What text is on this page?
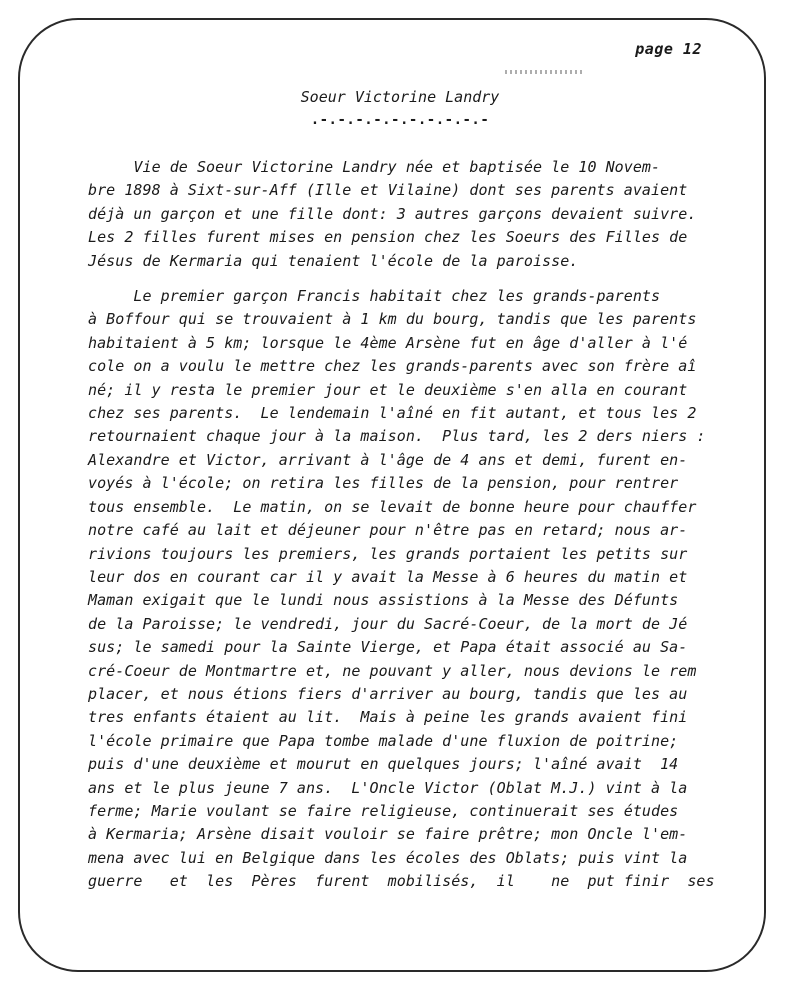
page 12
Soeur Victorine Landry
.-.-.-.-.-.-.-.-.-.-
Vie de Soeur Victorine Landry née et baptisée le 10 Novem-
bre 1898 à Sixt-sur-Aff (Ille et Vilaine) dont ses parents avaient
déjà un garçon et une fille dont: 3 autres garçons devaient suivre.
Les 2 filles furent mises en pension chez les Soeurs des Filles de
Jésus de Kermaria qui tenaient l'école de la paroisse.
Le premier garçon Francis habitait chez les grands-parents
à Boffour qui se trouvaient à 1 km du bourg, tandis que les parents
habitaient à 5 km; lorsque le 4ème Arsène fut en âge d'aller à l'é
cole on a voulu le mettre chez les grands-parents avec son frère aî
né; il y resta le premier jour et le deuxième s'en alla en courant
chez ses parents.  Le lendemain l'aîné en fit autant, et tous les 2
retournaient chaque jour à la maison.  Plus tard, les 2 ders niers :
Alexandre et Victor, arrivant à l'âge de 4 ans et demi, furent en-
voyés à l'école; on retira les filles de la pension, pour rentrer
tous ensemble.  Le matin, on se levait de bonne heure pour chauffer
notre café au lait et déjeuner pour n'être pas en retard; nous ar-
rivions toujours les premiers, les grands portaient les petits sur
leur dos en courant car il y avait la Messe à 6 heures du matin et
Maman exigait que le lundi nous assistions à la Messe des Défunts
de la Paroisse; le vendredi, jour du Sacré-Coeur, de la mort de Jé
sus; le samedi pour la Sainte Vierge, et Papa était associé au Sa-
cré-Coeur de Montmartre et, ne pouvant y aller, nous devions le rem
placer, et nous étions fiers d'arriver au bourg, tandis que les au
tres enfants étaient au lit.  Mais à peine les grands avaient fini
l'école primaire que Papa tombe malade d'une fluxion de poitrine;
puis d'une deuxième et mourut en quelques jours; l'aîné avait  14
ans et le plus jeune 7 ans.  L'Oncle Victor (Oblat M.J.) vint à la
ferme; Marie voulant se faire religieuse, continuerait ses études
à Kermaria; Arsène disait vouloir se faire prêtre; mon Oncle l'em-
mena avec lui en Belgique dans les écoles des Oblats; puis vint la
guerre   et  les  Pères  furent  mobilisés,  il    ne  put finir  ses
